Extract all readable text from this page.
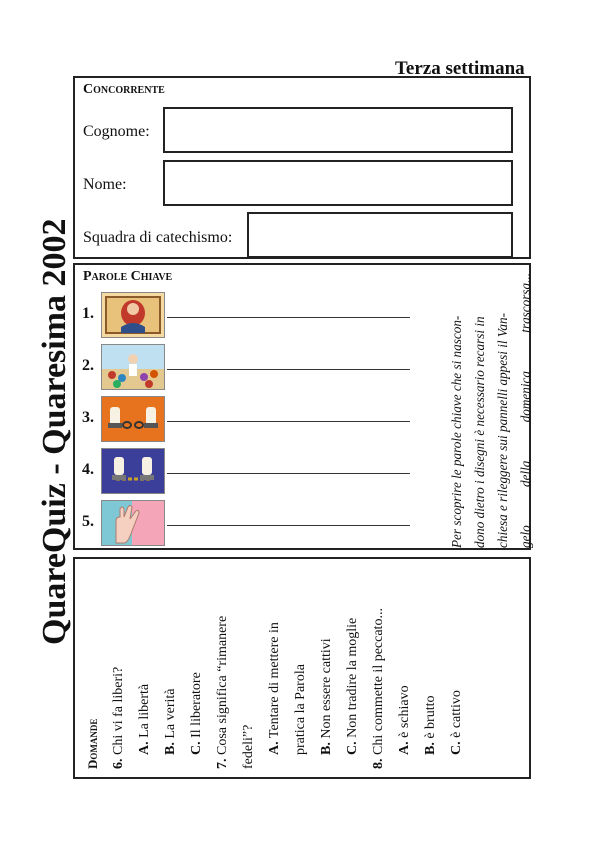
Terza settimana
QuareQuiz - Quaresima 2002
Concorrente
Cognome:
Nome:
Squadra di catechismo:
Parole Chiave
1.
2.
3.
4.
5.	Per scoprire le parole chiave che si nascon- dono dietro i disegni è necessario recarsi in chiesa e rileggere sui pannelli appesi il Van- gelo della domenica trascorsa...
Domande 6. Chi vi fa liberi? A. La libertà
B. La verità
C. Il liberatore
7. Cosa significa “rimanere fedeli”? A. Tentare di mettere in pratica la Parola B. Non essere cattivi
C. Non tradire la moglie
8. Chi commette il peccato... A. è schiavo
B. è brutto
C. è cattivo
